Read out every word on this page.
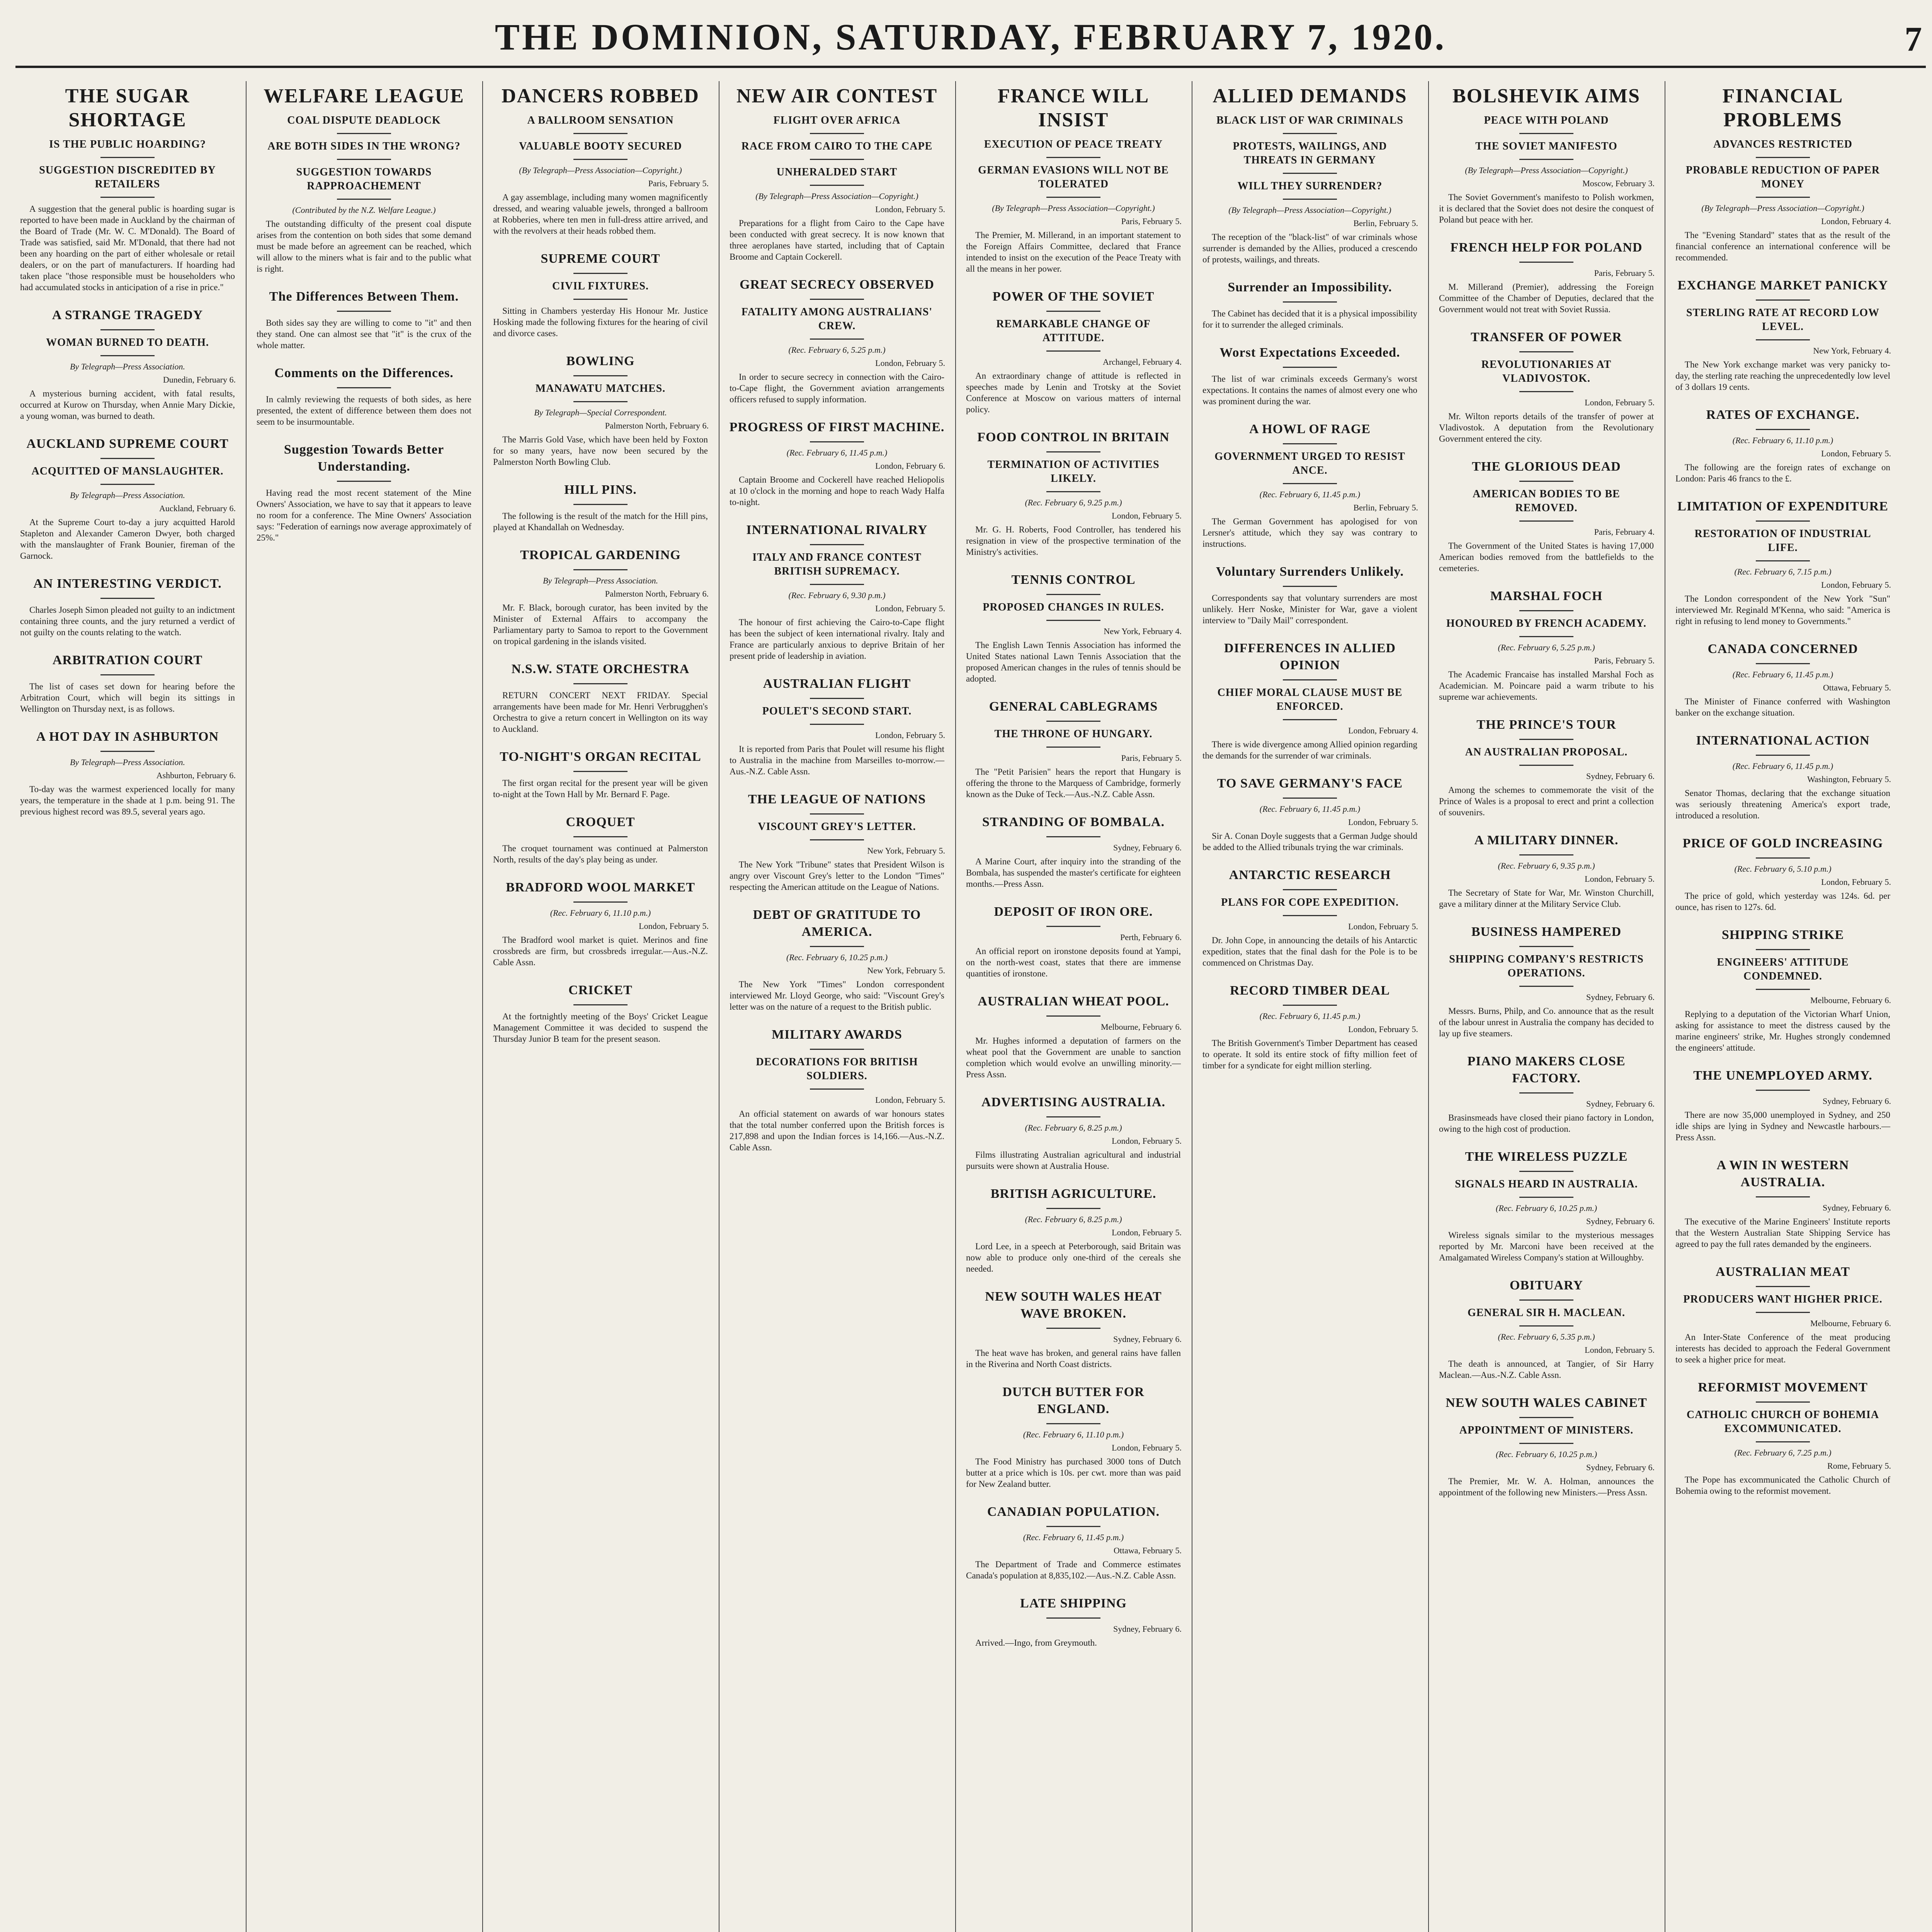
THE DOMINION, SATURDAY, FEBRUARY 7, 1920.	7
THE SUGAR SHORTAGE
IS THE PUBLIC HOARDING?
SUGGESTION DISCREDITED BY RETAILERS
A suggestion that the general public is hoarding sugar is reported to have been made in Auckland by the chairman of the Board of Trade (Mr. W. C. M'Donald). The Board of Trade was satisfied, said Mr. M'Donald, that there had not been any hoarding on the part of either wholesale or retail dealers, or on the part of manufacturers. If hoarding had taken place "those responsible must be householders who had accumulated stocks in anticipation of a rise in price."
A STRANGE TRAGEDY
WOMAN BURNED TO DEATH.
By Telegraph—Press Association.
Dunedin, February 6.
A mysterious burning accident, with fatal results, occurred at Kurow on Thursday, when Annie Mary Dickie, a young woman, was burned to death.
AUCKLAND SUPREME COURT
ACQUITTED OF MANSLAUGHTER.
By Telegraph—Press Association.
Auckland, February 6.
At the Supreme Court to-day a jury acquitted Harold Stapleton and Alexander Cameron Dwyer, both charged with the manslaughter of Frank Bounier, fireman of the Garnock.
AN INTERESTING VERDICT.
Charles Joseph Simon pleaded not guilty to an indictment containing three counts, and the jury returned a verdict of not guilty on the counts relating to the watch.
ARBITRATION COURT
The list of cases set down for hearing before the Arbitration Court, which will begin its sittings in Wellington on Thursday next, is as follows.
A HOT DAY IN ASHBURTON
By Telegraph—Press Association.
Ashburton, February 6.
To-day was the warmest experienced locally for many years, the temperature in the shade at 1 p.m. being 91. The previous highest record was 89.5, several years ago.
WELFARE LEAGUE
COAL DISPUTE DEADLOCK
ARE BOTH SIDES IN THE WRONG?
SUGGESTION TOWARDS RAPPROACHEMENT
(Contributed by the N.Z. Welfare League.)
The outstanding difficulty of the present coal dispute arises from the contention on both sides that some demand must be made before an agreement can be reached, which will allow to the miners what is fair and to the public what is right.
The Differences Between Them.
Both sides say they are willing to come to "it" and then they stand. One can almost see that "it" is the crux of the whole matter.
Comments on the Differences.
In calmly reviewing the requests of both sides, as here presented, the extent of difference between them does not seem to be insurmountable.
Suggestion Towards Better Understanding.
Having read the most recent statement of the Mine Owners' Association, we have to say that it appears to leave no room for a conference. The Mine Owners' Association says: "Federation of earnings now average approximately of 25%."
DANCERS ROBBED
A BALLROOM SENSATION
VALUABLE BOOTY SECURED
(By Telegraph—Press Association—Copyright.)
Paris, February 5.
A gay assemblage, including many women magnificently dressed, and wearing valuable jewels, thronged a ballroom at Robberies, where ten men in full-dress attire arrived, and with the revolvers at their heads robbed them.
SUPREME COURT
CIVIL FIXTURES.
Sitting in Chambers yesterday His Honour Mr. Justice Hosking made the following fixtures for the hearing of civil and divorce cases.
BOWLING
MANAWATU MATCHES.
By Telegraph—Special Correspondent.
Palmerston North, February 6.
The Marris Gold Vase, which have been held by Foxton for so many years, have now been secured by the Palmerston North Bowling Club.
HILL PINS.
The following is the result of the match for the Hill pins, played at Khandallah on Wednesday.
TROPICAL GARDENING
By Telegraph—Press Association.
Palmerston North, February 6.
Mr. F. Black, borough curator, has been invited by the Minister of External Affairs to accompany the Parliamentary party to Samoa to report to the Government on tropical gardening in the islands visited.
N.S.W. STATE ORCHESTRA
RETURN CONCERT NEXT FRIDAY. Special arrangements have been made for Mr. Henri Verbrugghen's Orchestra to give a return concert in Wellington on its way to Auckland.
TO-NIGHT'S ORGAN RECITAL
The first organ recital for the present year will be given to-night at the Town Hall by Mr. Bernard F. Page.
CROQUET
The croquet tournament was continued at Palmerston North, results of the day's play being as under.
BRADFORD WOOL MARKET
(Rec. February 6, 11.10 p.m.)
London, February 5.
The Bradford wool market is quiet. Merinos and fine crossbreds are firm, but crossbreds irregular.—Aus.-N.Z. Cable Assn.
CRICKET
At the fortnightly meeting of the Boys' Cricket League Management Committee it was decided to suspend the Thursday Junior B team for the present season.
NEW AIR CONTEST
FLIGHT OVER AFRICA
RACE FROM CAIRO TO THE CAPE
UNHERALDED START
(By Telegraph—Press Association—Copyright.)
London, February 5.
Preparations for a flight from Cairo to the Cape have been conducted with great secrecy. It is now known that three aeroplanes have started, including that of Captain Broome and Captain Cockerell.
GREAT SECRECY OBSERVED
FATALITY AMONG AUSTRALIANS' CREW.
(Rec. February 6, 5.25 p.m.)
London, February 5.
In order to secure secrecy in connection with the Cairo-to-Cape flight, the Government aviation arrangements officers refused to supply information.
PROGRESS OF FIRST MACHINE.
(Rec. February 6, 11.45 p.m.)
London, February 6.
Captain Broome and Cockerell have reached Heliopolis at 10 o'clock in the morning and hope to reach Wady Halfa to-night.
INTERNATIONAL RIVALRY
ITALY AND FRANCE CONTEST BRITISH SUPREMACY.
(Rec. February 6, 9.30 p.m.)
London, February 5.
The honour of first achieving the Cairo-to-Cape flight has been the subject of keen international rivalry. Italy and France are particularly anxious to deprive Britain of her present pride of leadership in aviation.
AUSTRALIAN FLIGHT
POULET'S SECOND START.
London, February 5.
It is reported from Paris that Poulet will resume his flight to Australia in the machine from Marseilles to-morrow.—Aus.-N.Z. Cable Assn.
THE LEAGUE OF NATIONS
VISCOUNT GREY'S LETTER.
New York, February 5.
The New York "Tribune" states that President Wilson is angry over Viscount Grey's letter to the London "Times" respecting the American attitude on the League of Nations.
DEBT OF GRATITUDE TO AMERICA.
(Rec. February 6, 10.25 p.m.)
New York, February 5.
The New York "Times" London correspondent interviewed Mr. Lloyd George, who said: "Viscount Grey's letter was on the nature of a request to the British public.
MILITARY AWARDS
DECORATIONS FOR BRITISH SOLDIERS.
London, February 5.
An official statement on awards of war honours states that the total number conferred upon the British forces is 217,898 and upon the Indian forces is 14,166.—Aus.-N.Z. Cable Assn.
FRANCE WILL INSIST
EXECUTION OF PEACE TREATY
GERMAN EVASIONS WILL NOT BE TOLERATED
(By Telegraph—Press Association—Copyright.)
Paris, February 5.
The Premier, M. Millerand, in an important statement to the Foreign Affairs Committee, declared that France intended to insist on the execution of the Peace Treaty with all the means in her power.
POWER OF THE SOVIET
REMARKABLE CHANGE OF ATTITUDE.
Archangel, February 4.
An extraordinary change of attitude is reflected in speeches made by Lenin and Trotsky at the Soviet Conference at Moscow on various matters of internal policy.
FOOD CONTROL IN BRITAIN
TERMINATION OF ACTIVITIES LIKELY.
(Rec. February 6, 9.25 p.m.)
London, February 5.
Mr. G. H. Roberts, Food Controller, has tendered his resignation in view of the prospective termination of the Ministry's activities.
TENNIS CONTROL
PROPOSED CHANGES IN RULES.
New York, February 4.
The English Lawn Tennis Association has informed the United States national Lawn Tennis Association that the proposed American changes in the rules of tennis should be adopted.
GENERAL CABLEGRAMS
THE THRONE OF HUNGARY.
Paris, February 5.
The "Petit Parisien" hears the report that Hungary is offering the throne to the Marquess of Cambridge, formerly known as the Duke of Teck.—Aus.-N.Z. Cable Assn.
STRANDING OF BOMBALA.
Sydney, February 6.
A Marine Court, after inquiry into the stranding of the Bombala, has suspended the master's certificate for eighteen months.—Press Assn.
DEPOSIT OF IRON ORE.
Perth, February 6.
An official report on ironstone deposits found at Yampi, on the north-west coast, states that there are immense quantities of ironstone.
AUSTRALIAN WHEAT POOL.
Melbourne, February 6.
Mr. Hughes informed a deputation of farmers on the wheat pool that the Government are unable to sanction completion which would evolve an unwilling minority.—Press Assn.
ADVERTISING AUSTRALIA.
(Rec. February 6, 8.25 p.m.)
London, February 5.
Films illustrating Australian agricultural and industrial pursuits were shown at Australia House.
BRITISH AGRICULTURE.
(Rec. February 6, 8.25 p.m.)
London, February 5.
Lord Lee, in a speech at Peterborough, said Britain was now able to produce only one-third of the cereals she needed.
NEW SOUTH WALES HEAT WAVE BROKEN.
Sydney, February 6.
The heat wave has broken, and general rains have fallen in the Riverina and North Coast districts.
DUTCH BUTTER FOR ENGLAND.
(Rec. February 6, 11.10 p.m.)
London, February 5.
The Food Ministry has purchased 3000 tons of Dutch butter at a price which is 10s. per cwt. more than was paid for New Zealand butter.
CANADIAN POPULATION.
(Rec. February 6, 11.45 p.m.)
Ottawa, February 5.
The Department of Trade and Commerce estimates Canada's population at 8,835,102.—Aus.-N.Z. Cable Assn.
LATE SHIPPING
Sydney, February 6.
Arrived.—Ingo, from Greymouth.
ALLIED DEMANDS
BLACK LIST OF WAR CRIMINALS
PROTESTS, WAILINGS, AND THREATS IN GERMANY
WILL THEY SURRENDER?
(By Telegraph—Press Association—Copyright.)
Berlin, February 5.
The reception of the "black-list" of war criminals whose surrender is demanded by the Allies, produced a crescendo of protests, wailings, and threats.
Surrender an Impossibility.
The Cabinet has decided that it is a physical impossibility for it to surrender the alleged criminals.
Worst Expectations Exceeded.
The list of war criminals exceeds Germany's worst expectations. It contains the names of almost every one who was prominent during the war.
A HOWL OF RAGE
GOVERNMENT URGED TO RESIST ANCE.
(Rec. February 6, 11.45 p.m.)
Berlin, February 5.
The German Government has apologised for von Lersner's attitude, which they say was contrary to instructions.
Voluntary Surrenders Unlikely.
Correspondents say that voluntary surrenders are most unlikely. Herr Noske, Minister for War, gave a violent interview to "Daily Mail" correspondent.
DIFFERENCES IN ALLIED OPINION
CHIEF MORAL CLAUSE MUST BE ENFORCED.
London, February 4.
There is wide divergence among Allied opinion regarding the demands for the surrender of war criminals.
TO SAVE GERMANY'S FACE
(Rec. February 6, 11.45 p.m.)
London, February 5.
Sir A. Conan Doyle suggests that a German Judge should be added to the Allied tribunals trying the war criminals.
ANTARCTIC RESEARCH
PLANS FOR COPE EXPEDITION.
London, February 5.
Dr. John Cope, in announcing the details of his Antarctic expedition, states that the final dash for the Pole is to be commenced on Christmas Day.
RECORD TIMBER DEAL
(Rec. February 6, 11.45 p.m.)
London, February 5.
The British Government's Timber Department has ceased to operate. It sold its entire stock of fifty million feet of timber for a syndicate for eight million sterling.
BOLSHEVIK AIMS
PEACE WITH POLAND
THE SOVIET MANIFESTO
(By Telegraph—Press Association—Copyright.)
Moscow, February 3.
The Soviet Government's manifesto to Polish workmen, it is declared that the Soviet does not desire the conquest of Poland but peace with her.
FRENCH HELP FOR POLAND
Paris, February 5.
M. Millerand (Premier), addressing the Foreign Committee of the Chamber of Deputies, declared that the Government would not treat with Soviet Russia.
TRANSFER OF POWER
REVOLUTIONARIES AT VLADIVOSTOK.
London, February 5.
Mr. Wilton reports details of the transfer of power at Vladivostok. A deputation from the Revolutionary Government entered the city.
THE GLORIOUS DEAD
AMERICAN BODIES TO BE REMOVED.
Paris, February 4.
The Government of the United States is having 17,000 American bodies removed from the battlefields to the cemeteries.
MARSHAL FOCH
HONOURED BY FRENCH ACADEMY.
(Rec. February 6, 5.25 p.m.)
Paris, February 5.
The Academic Francaise has installed Marshal Foch as Academician. M. Poincare paid a warm tribute to his supreme war achievements.
THE PRINCE'S TOUR
AN AUSTRALIAN PROPOSAL.
Sydney, February 6.
Among the schemes to commemorate the visit of the Prince of Wales is a proposal to erect and print a collection of souvenirs.
A MILITARY DINNER.
(Rec. February 6, 9.35 p.m.)
London, February 5.
The Secretary of State for War, Mr. Winston Churchill, gave a military dinner at the Military Service Club.
BUSINESS HAMPERED
SHIPPING COMPANY'S RESTRICTS OPERATIONS.
Sydney, February 6.
Messrs. Burns, Philp, and Co. announce that as the result of the labour unrest in Australia the company has decided to lay up five steamers.
PIANO MAKERS CLOSE FACTORY.
Sydney, February 6.
Brasinsmeads have closed their piano factory in London, owing to the high cost of production.
THE WIRELESS PUZZLE
SIGNALS HEARD IN AUSTRALIA.
(Rec. February 6, 10.25 p.m.)
Sydney, February 6.
Wireless signals similar to the mysterious messages reported by Mr. Marconi have been received at the Amalgamated Wireless Company's station at Willoughby.
OBITUARY
GENERAL SIR H. MACLEAN.
(Rec. February 6, 5.35 p.m.)
London, February 5.
The death is announced, at Tangier, of Sir Harry Maclean.—Aus.-N.Z. Cable Assn.
NEW SOUTH WALES CABINET
APPOINTMENT OF MINISTERS.
(Rec. February 6, 10.25 p.m.)
Sydney, February 6.
The Premier, Mr. W. A. Holman, announces the appointment of the following new Ministers.—Press Assn.
FINANCIAL PROBLEMS
ADVANCES RESTRICTED
PROBABLE REDUCTION OF PAPER MONEY
(By Telegraph—Press Association—Copyright.)
London, February 4.
The "Evening Standard" states that as the result of the financial conference an international conference will be recommended.
EXCHANGE MARKET PANICKY
STERLING RATE AT RECORD LOW LEVEL.
New York, February 4.
The New York exchange market was very panicky to-day, the sterling rate reaching the unprecedentedly low level of 3 dollars 19 cents.
RATES OF EXCHANGE.
(Rec. February 6, 11.10 p.m.)
London, February 5.
The following are the foreign rates of exchange on London: Paris 46 francs to the £.
LIMITATION OF EXPENDITURE
RESTORATION OF INDUSTRIAL LIFE.
(Rec. February 6, 7.15 p.m.)
London, February 5.
The London correspondent of the New York "Sun" interviewed Mr. Reginald M'Kenna, who said: "America is right in refusing to lend money to Governments."
CANADA CONCERNED
(Rec. February 6, 11.45 p.m.)
Ottawa, February 5.
The Minister of Finance conferred with Washington banker on the exchange situation.
INTERNATIONAL ACTION
(Rec. February 6, 11.45 p.m.)
Washington, February 5.
Senator Thomas, declaring that the exchange situation was seriously threatening America's export trade, introduced a resolution.
PRICE OF GOLD INCREASING
(Rec. February 6, 5.10 p.m.)
London, February 5.
The price of gold, which yesterday was 124s. 6d. per ounce, has risen to 127s. 6d.
SHIPPING STRIKE
ENGINEERS' ATTITUDE CONDEMNED.
Melbourne, February 6.
Replying to a deputation of the Victorian Wharf Union, asking for assistance to meet the distress caused by the marine engineers' strike, Mr. Hughes strongly condemned the engineers' attitude.
THE UNEMPLOYED ARMY.
Sydney, February 6.
There are now 35,000 unemployed in Sydney, and 250 idle ships are lying in Sydney and Newcastle harbours.—Press Assn.
A WIN IN WESTERN AUSTRALIA.
Sydney, February 6.
The executive of the Marine Engineers' Institute reports that the Western Australian State Shipping Service has agreed to pay the full rates demanded by the engineers.
AUSTRALIAN MEAT
PRODUCERS WANT HIGHER PRICE.
Melbourne, February 6.
An Inter-State Conference of the meat producing interests has decided to approach the Federal Government to seek a higher price for meat.
REFORMIST MOVEMENT
CATHOLIC CHURCH OF BOHEMIA EXCOMMUNICATED.
(Rec. February 6, 7.25 p.m.)
Rome, February 5.
The Pope has excommunicated the Catholic Church of Bohemia owing to the reformist movement.
